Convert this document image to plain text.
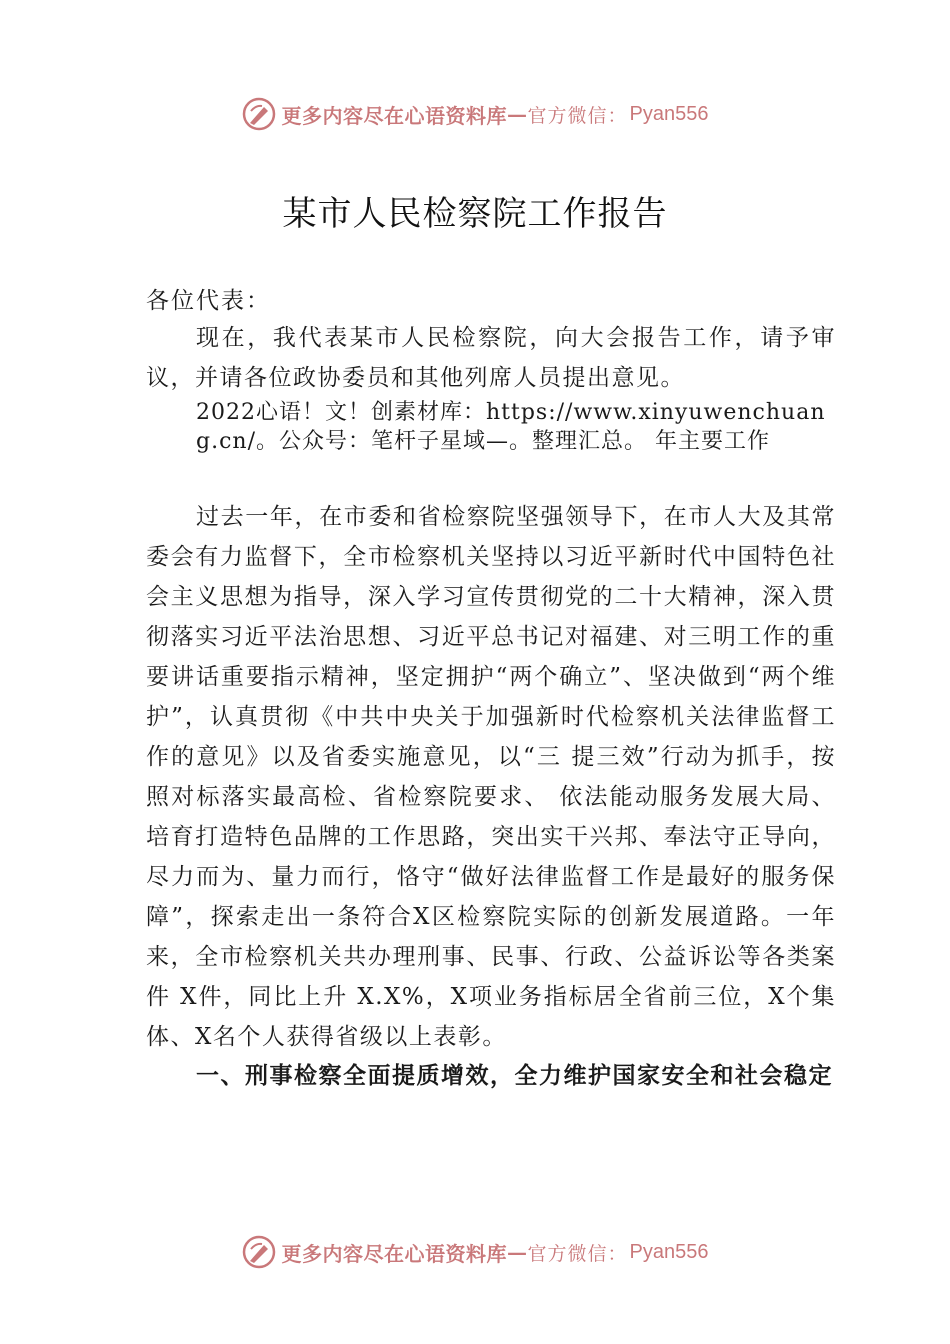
更多内容尽在心语资料库 — 官方微信： Pyan556
某市人民检察院工作报告
各位代表：
现在，我代表某市人民检察院，向大会报告工作，请予审议，并请各位政协委员和其他列席人员提出意见。
2022心语！文！创素材库：https://www.xinyuwenchuang.cn/。公众号：笔杆子星域—。整理汇总。 年主要工作
过去一年，在市委和省检察院坚强领导下，在市人大及其常委会有力监督下，全市检察机关坚持以习近平新时代中国特色社会主义思想为指导，深入学习宣传贯彻党的二十大精神，深入贯彻落实习近平法治思想、习近平总书记对福建、对三明工作的重要讲话重要指示精神，坚定拥护“两个确立”、坚决做到“两个维护”，认真贯彻《中共中央关于加强新时代检察机关法律监督工作的意见》以及省委实施意见，以“三 提三效”行动为抓手，按照对标落实最高检、省检察院要求、 依法能动服务发展大局、培育打造特色品牌的工作思路，突出实干兴邦、奉法守正导向，尽力而为、量力而行，恪守“做好法律监督工作是最好的服务保障”，探索走出一条符合X区检察院实际的创新发展道路。一年来，全市检察机关共办理刑事、民事、行政、公益诉讼等各类案件 X件，同比上升 X.X%，X项业务指标居全省前三位，X个集体、X名个人获得省级以上表彰。
一、刑事检察全面提质增效，全力维护国家安全和社会稳定
更多内容尽在心语资料库 — 官方微信： Pyan556
